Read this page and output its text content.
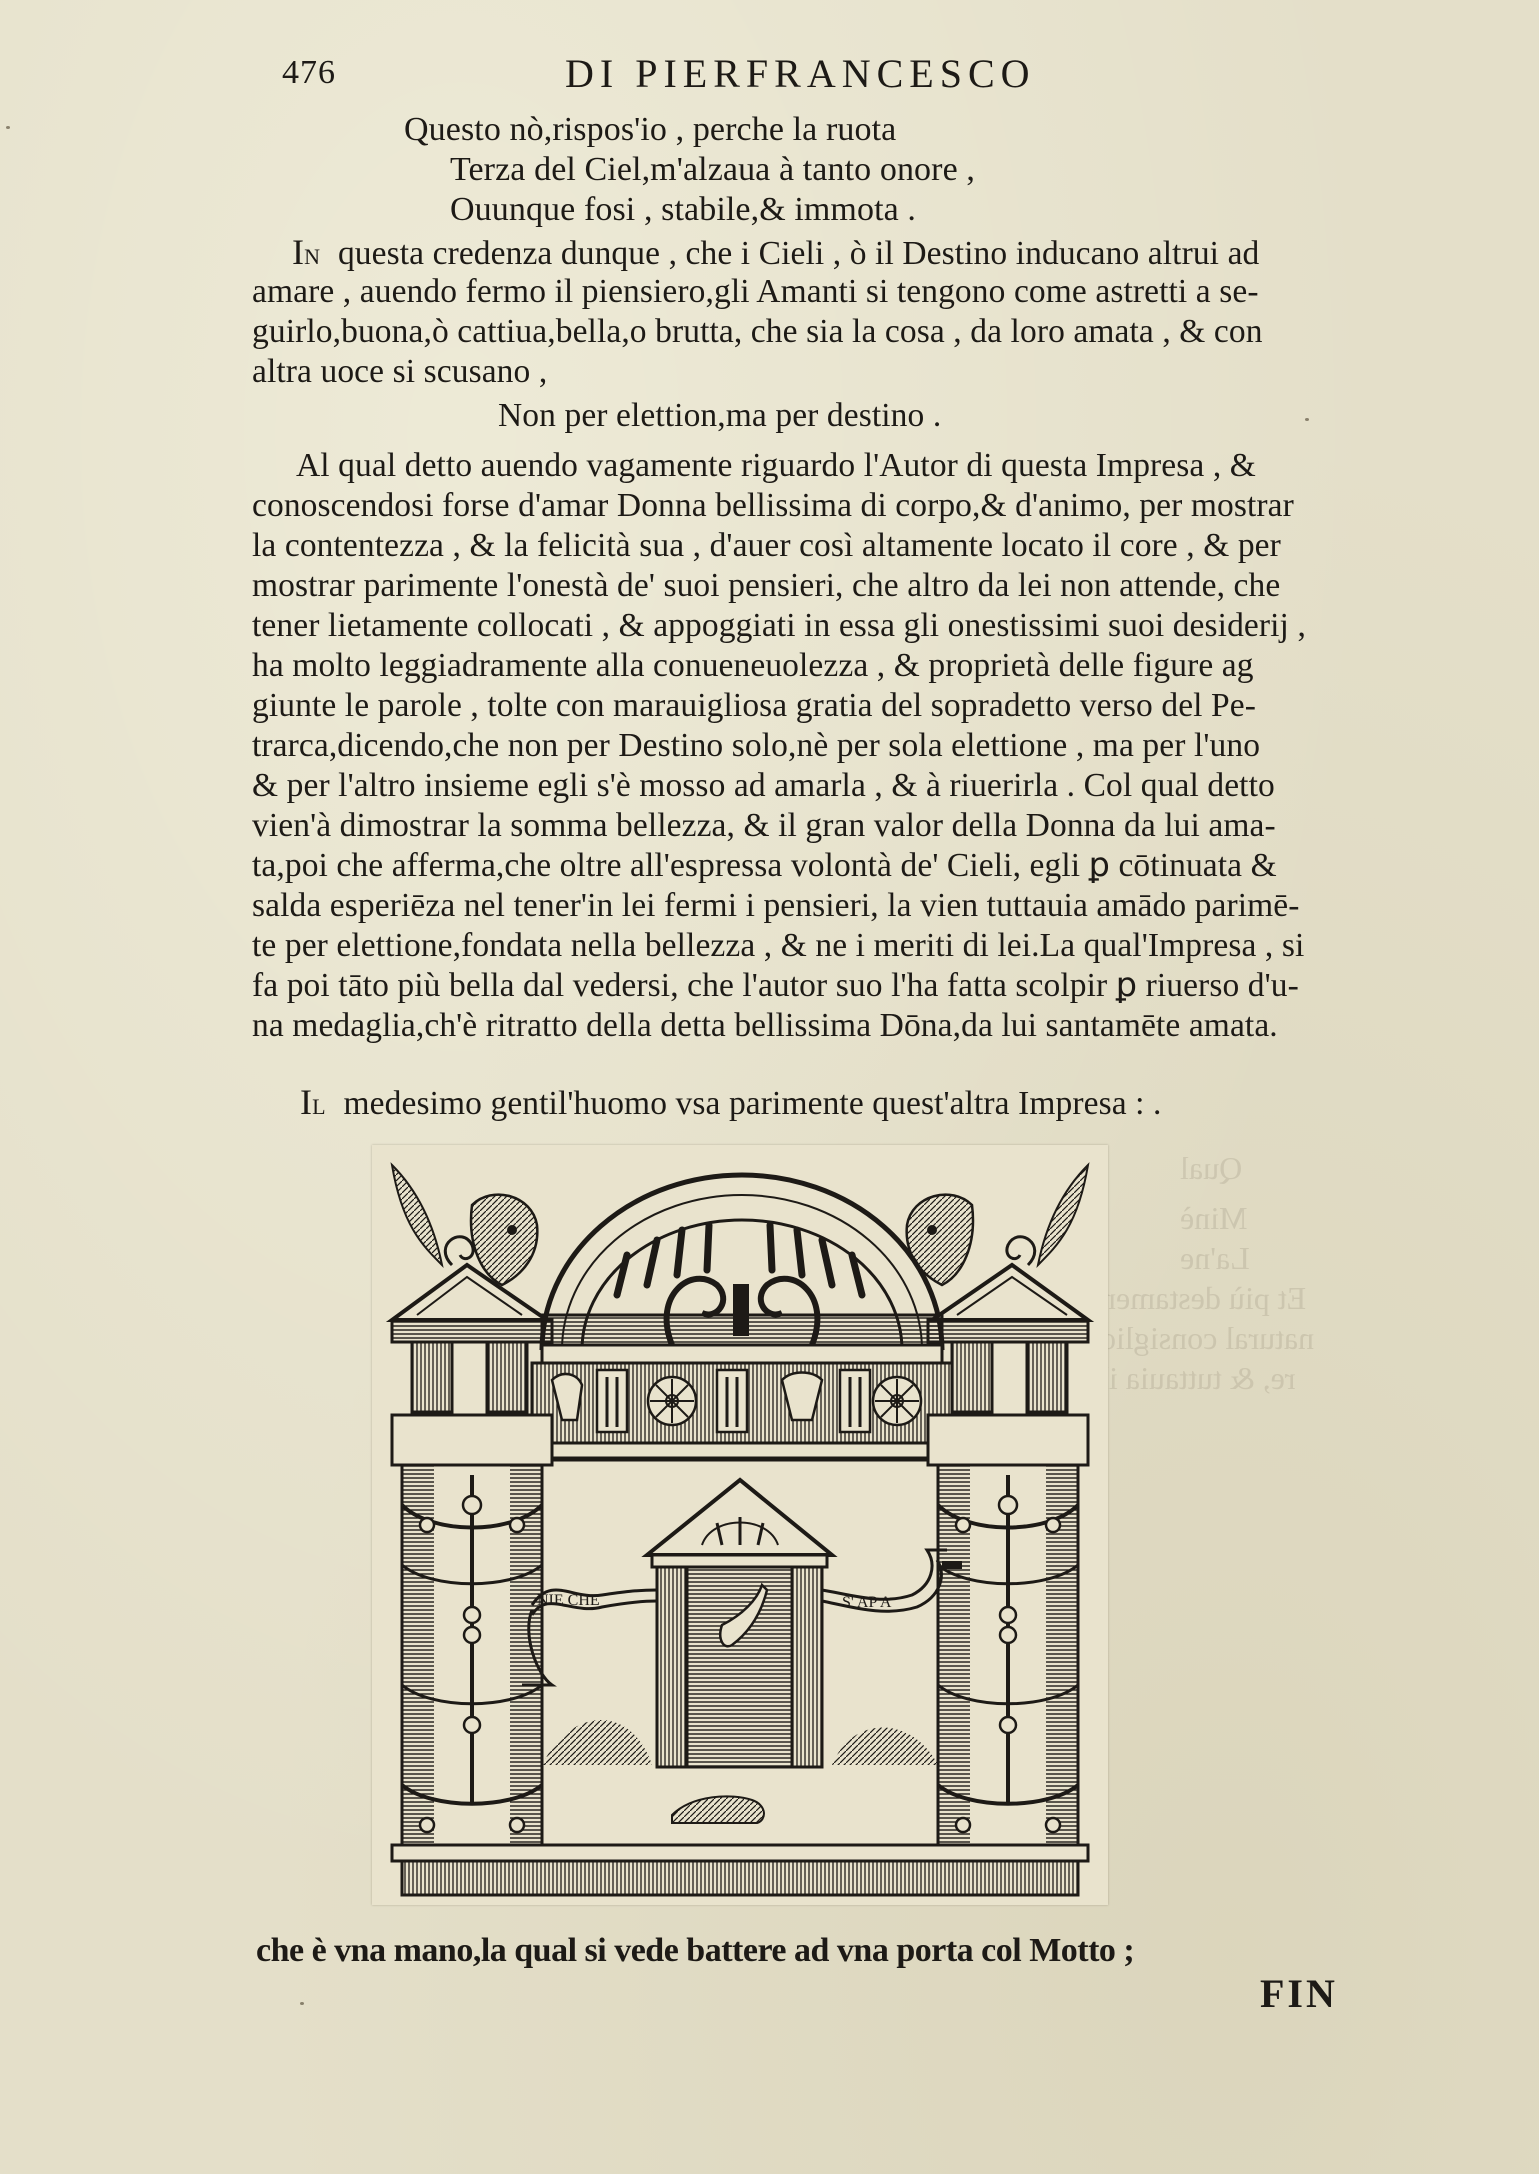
Qual
Minè
La'ne
Et più destamen
natural consiglio
re, & tuttauia il
476	DI PIERFRANCESCO
Questo nò,rispos'io , perche la ruota
Terza del Ciel,m'alzaua à tanto onore ,
Ouunque fosi , stabile,& immota .
IN questa credenza dunque , che i Cieli , ò il Destino inducano altrui ad
amare , auendo fermo il piensiero,gli Amanti si tengono come astretti a se-
guirlo,buona,ò cattiua,bella,o brutta, che sia la cosa , da loro amata , & con
altra uoce si scusano ,
Non per elettion,ma per destino .
Al qual detto auendo vagamente riguardo l'Autor di questa Impresa , &
conoscendosi forse d'amar Donna bellissima di corpo,& d'animo, per mostrar
la contentezza , & la felicità sua , d'auer così altamente locato il core , & per
mostrar parimente l'onestà de' suoi pensieri, che altro da lei non attende, che
tener lietamente collocati , & appoggiati in essa gli onestissimi suoi desiderij ,
ha molto leggiadramente alla conueneuolezza , & proprietà delle figure ag
giunte le parole , tolte con marauigliosa gratia del sopradetto verso del Pe-
trarca,dicendo,che non per Destino solo,nè per sola elettione , ma per l'uno
& per l'altro insieme egli s'è mosso ad amarla , & à riuerirla . Col qual detto
vien'à dimostrar la somma bellezza, & il gran valor della Donna da lui ama-
ta,poi che afferma,che oltre all'espressa volontà de' Cieli, egli ꝑ cōtinuata &
salda esperiēza nel tener'in lei fermi i pensieri, la vien tuttauia amādo parimē-
te per elettione,fondata nella bellezza , & ne i meriti di lei.La qual'Impresa , si
fa poi tāto più bella dal vedersi, che l'autor suo l'ha fatta scolpir ꝑ riuerso d'u-
na medaglia,ch'è ritratto della detta bellissima Dōna,da lui santamēte amata.
IL medesimo gentil'huomo vsa parimente quest'altra Impresa : .
NIE CHE	S' AP A
che è vna mano,la qual si vede battere ad vna porta col Motto ;
FIN
